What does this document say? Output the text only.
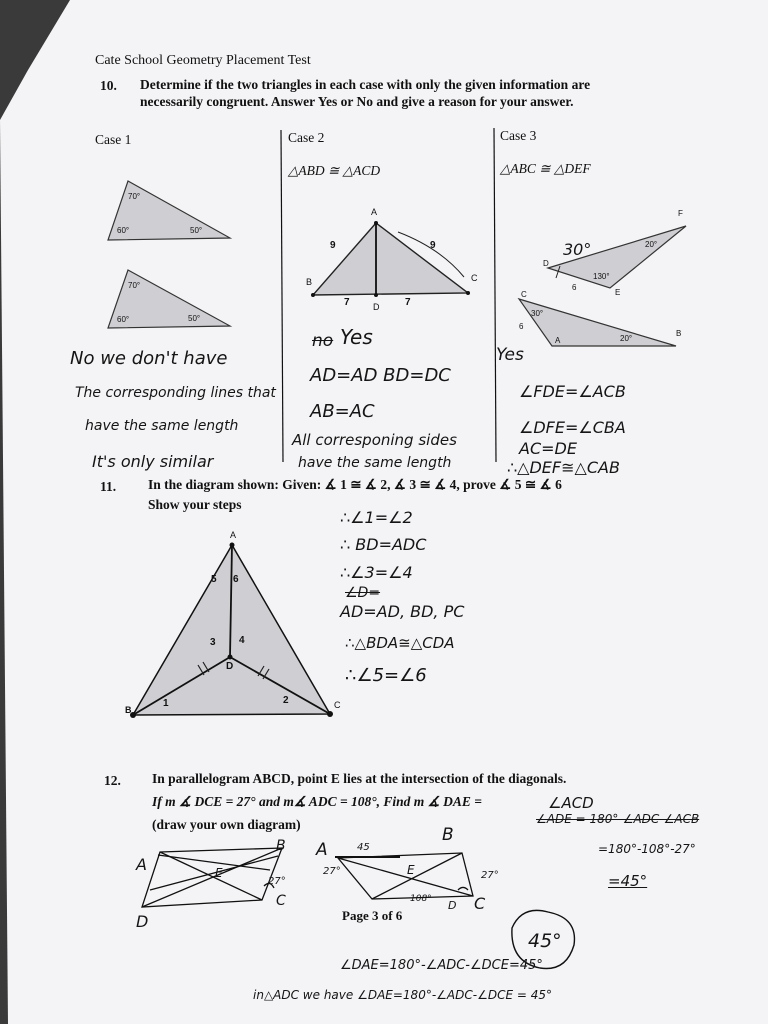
Cate School Geometry Placement Test
10. Determine if the two triangles in each case with only the given information are
necessarily congruent. Answer Yes or No and give a reason for your answer.
Case 1	Case 2	Case 3
△ABD ≅ △ACD	△ABC ≅ △DEF
70°
60°	50°
70°
60°	50°
A
B	C
D
9	9
7	7
D
E
F
A
B
C
130°
20°
6
30°
20°
6
30°
No we don't have
The corresponding lines that
have the same length
It's only similar
no Yes
AD=AD BD=DC
AB=AC
All corresponing sides
have the same length
Yes
∠FDE=∠ACB
∠DFE=∠CBA
AC=DE
∴△DEF≅△CAB
11. In the diagram shown: Given: ∡ 1 ≅ ∡ 2, ∡ 3 ≅ ∡ 4, prove ∡ 5 ≅ ∡ 6
Show your steps
A
B	C
D
1	2
3 4
5 6
∴∠1=∠2
∴ BD=ADC
∴∠3=∠4
∠D=
AD=AD, BD, PC
∴△BDA≅△CDA
∴∠5=∠6
12. In parallelogram ABCD, point E lies at the intersection of the diagonals.
If m ∡ DCE = 27° and m∡ ADC = 108°, Find m ∡ DAE =
(draw your own diagram)
∠ACD
∠ADE = 180°-∠ADC-∠ACB
=180°-108°-27°
=45°
A
B
C
D
E
27°
A
B
C
D
E
45
27°	27°
108°
Page 3 of 6
45°
∠DAE=180°-∠ADC-∠DCE=45°
in△ADC we have ∠DAE=180°-∠ADC-∠DCE = 45°
